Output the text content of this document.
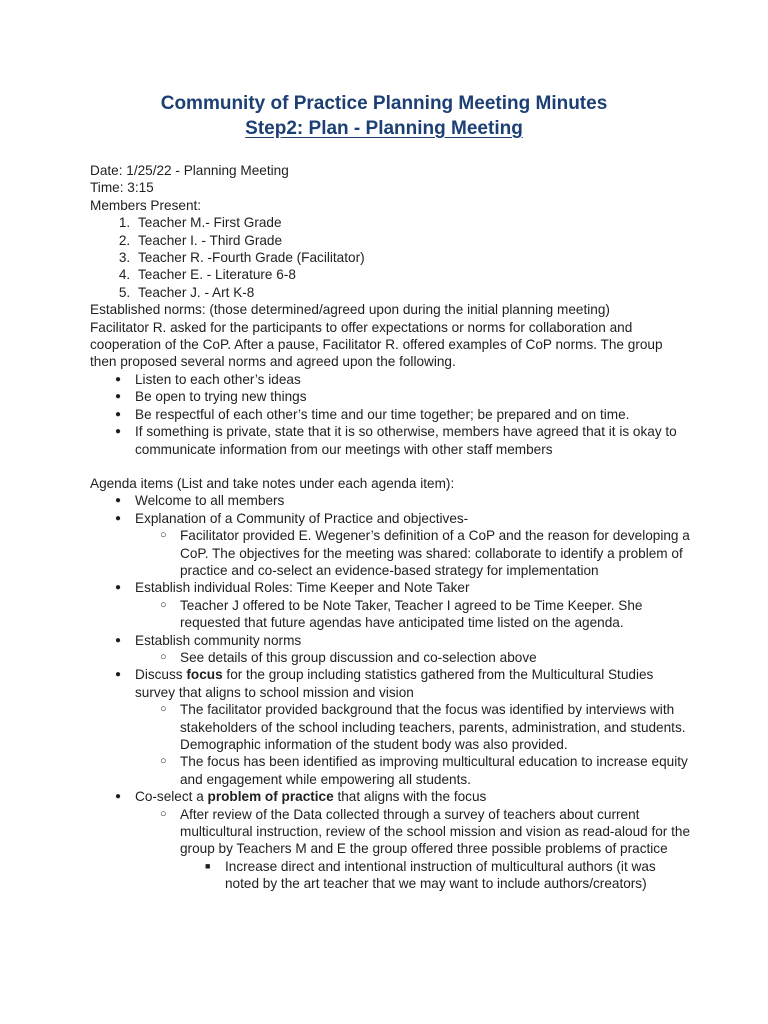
Community of Practice Planning Meeting Minutes
Step2: Plan - Planning Meeting
Date: 1/25/22 - Planning Meeting
Time: 3:15
Members Present:
1. Teacher M.- First Grade
2. Teacher I. - Third Grade
3. Teacher R. -Fourth Grade (Facilitator)
4. Teacher E. - Literature 6-8
5. Teacher J. - Art K-8
Established norms: (those determined/agreed upon during the initial planning meeting)
Facilitator R. asked for the participants to offer expectations or norms for collaboration and cooperation of the CoP. After a pause, Facilitator R. offered examples of CoP norms. The group then proposed several norms and agreed upon the following.
● Listen to each other’s ideas
● Be open to trying new things
● Be respectful of each other’s time and our time together; be prepared and on time.
● If something is private, state that it is so otherwise, members have agreed that it is okay to communicate information from our meetings with other staff members
Agenda items (List and take notes under each agenda item):
● Welcome to all members
● Explanation of a Community of Practice and objectives-
○ Facilitator provided E. Wegener’s definition of a CoP and the reason for developing a CoP. The objectives for the meeting was shared: collaborate to identify a problem of practice and co-select an evidence-based strategy for implementation
● Establish individual Roles: Time Keeper and Note Taker
○ Teacher J offered to be Note Taker, Teacher I agreed to be Time Keeper. She requested that future agendas have anticipated time listed on the agenda.
● Establish community norms
○ See details of this group discussion and co-selection above
● Discuss focus for the group including statistics gathered from the Multicultural Studies survey that aligns to school mission and vision
○ The facilitator provided background that the focus was identified by interviews with stakeholders of the school including teachers, parents, administration, and students. Demographic information of the student body was also provided.
○ The focus has been identified as improving multicultural education to increase equity and engagement while empowering all students.
● Co-select a problem of practice that aligns with the focus
○ After review of the Data collected through a survey of teachers about current multicultural instruction, review of the school mission and vision as read-aloud for the group by Teachers M and E the group offered three possible problems of practice
■ Increase direct and intentional instruction of multicultural authors (it was noted by the art teacher that we may want to include authors/creators)
